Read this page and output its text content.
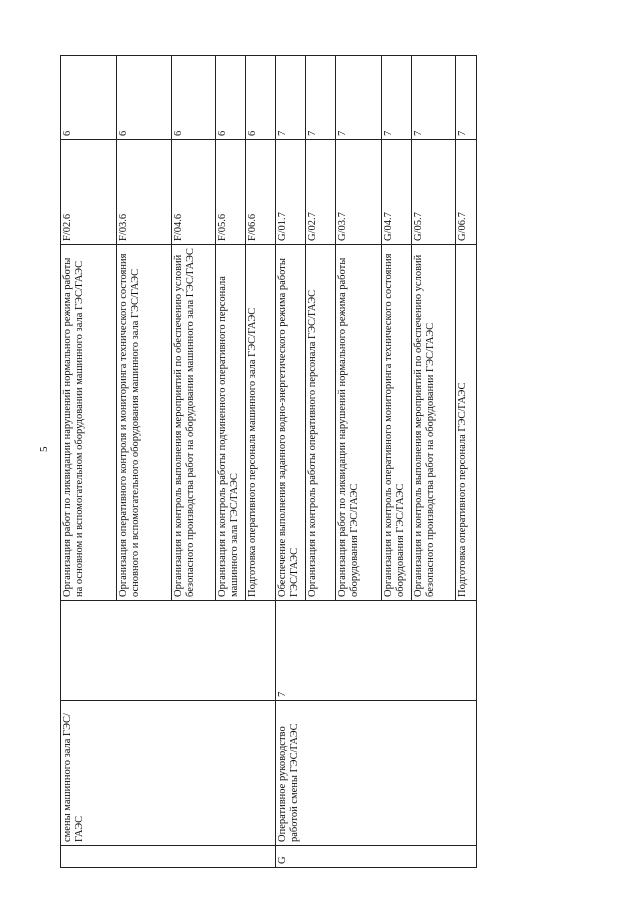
5
	смены машинного зала ГЭС/ГАЭС		Организация работ по ликвидации нарушений нормального режима работы на основном и вспомогательном оборудовании машинного зала ГЭС/ГАЭС	F/02.6	6
			Организация оперативного контроля и мониторинга технического состояния основного и вспомогательного оборудования машинного зала ГЭС/ГАЭС	F/03.6	6
			Организация и контроль выполнения мероприятий по обеспечению условий безопасного производства работ на оборудовании машинного зала ГЭС/ГАЭС	F/04.6	6
			Организация и контроль работы подчиненного оперативного персонала машинного зала ГЭС/ГАЭС	F/05.6	6
			Подготовка оперативного персонала машинного зала ГЭС/ГАЭС	F/06.6	6
G	Оперативное руководство работой смены ГЭС/ГАЭС	7	Обеспечение выполнения заданного водно-энергетического режима работы ГЭС/ГАЭС	G/01.7	7
			Организация и контроль работы оперативного персонала ГЭС/ГАЭС	G/02.7	7
			Организация работ по ликвидации нарушений нормального режима работы оборудования ГЭС/ГАЭС	G/03.7	7
			Организация и контроль оперативного мониторинга технического состояния оборудования ГЭС/ГАЭС	G/04.7	7
			Организация и контроль выполнения мероприятий по обеспечению условий безопасного производства работ на оборудовании ГЭС/ГАЭС	G/05.7	7
			Подготовка оперативного персонала ГЭС/ГАЭС	G/06.7	7
